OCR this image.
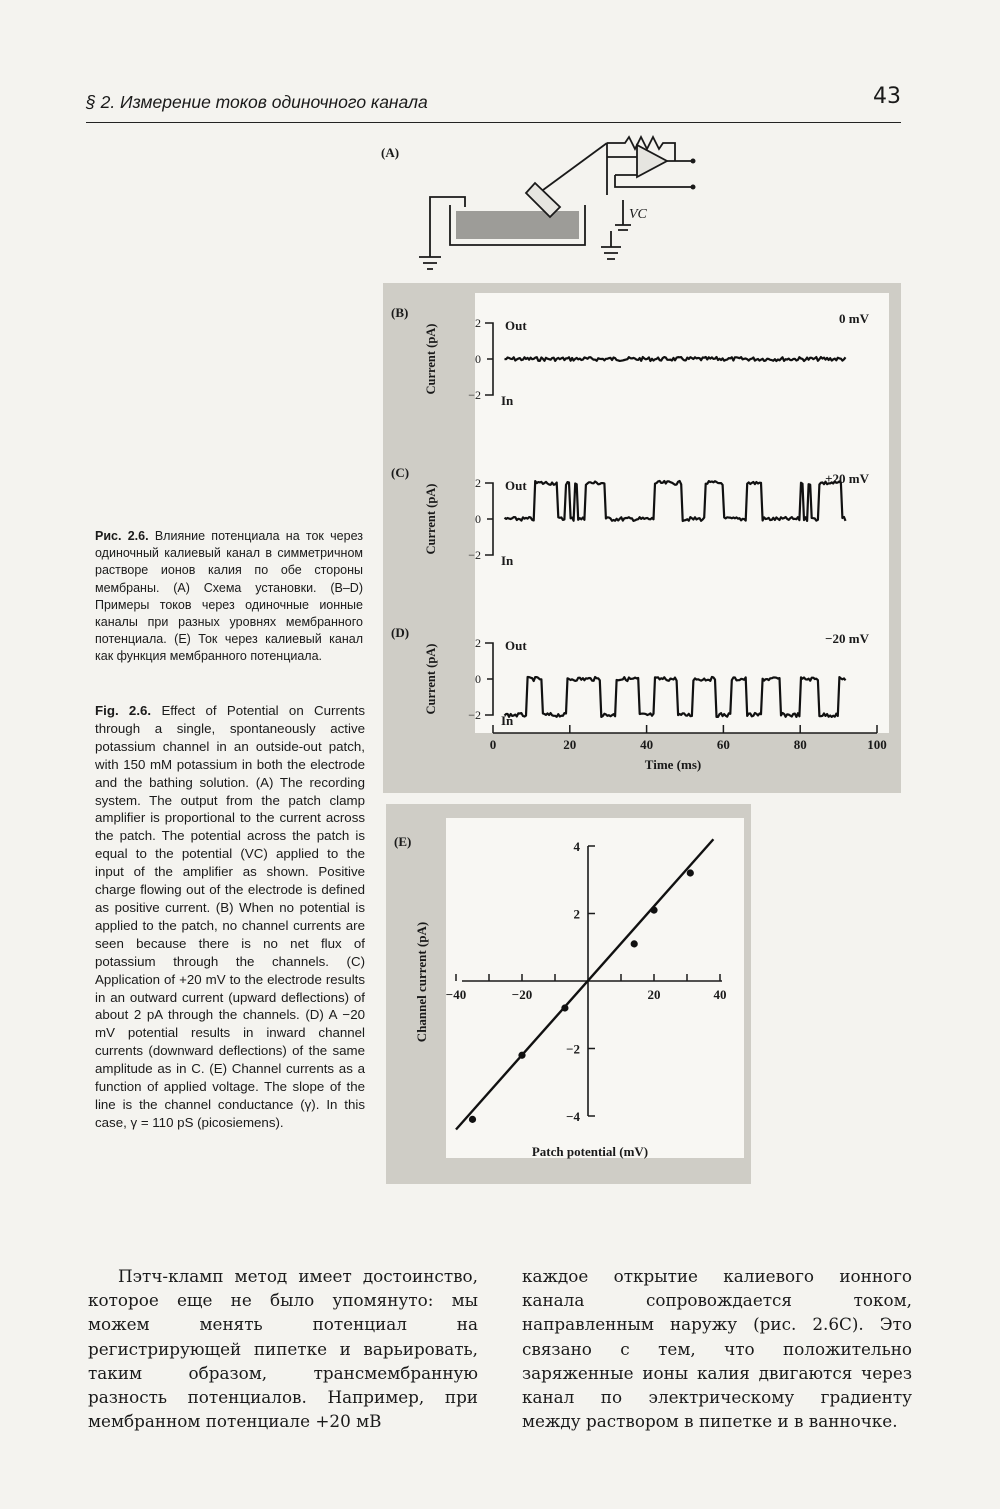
§ 2. Измерение токов одиночного канала	43
(A)
VC
(B)
Current (pA)
2
0
−2
Out
In
0 mV
(C)
Current (pA)
2
0
−2
Out
In
+20 mV
(D)
Current (pA)
2
0
−2
Out
In
−20 mV
0	20	40	60	80	100
Time (ms)
(E)
−40	−20	20	40
4
2
−2
−4
Patch potential (mV)
Channel current (pA)
Рис. 2.6. Влияние потенциала на ток через одиночный калиевый канал в симметричном растворе ионов калия по обе стороны мембраны. (А) Схема установки. (В–D) Примеры токов через одиночные ионные каналы при разных уровнях мембранного потенциала. (Е) Ток через калиевый канал как функция мембранного потенциала.
Fig. 2.6. Effect of Potential on Currents through a single, spontaneously active potassium channel in an outside-out patch, with 150 mM potassium in both the electrode and the bathing solution. (A) The recording system. The output from the patch clamp amplifier is proportional to the current across the patch. The potential across the patch is equal to the potential (VC) applied to the input of the amplifier as shown. Positive charge flowing out of the electrode is defined as positive current. (B) When no potential is applied to the patch, no channel currents are seen because there is no net flux of potassium through the channels. (C) Application of +20 mV to the electrode results in an outward current (upward deflections) of about 2 pA through the channels. (D) A −20 mV potential results in inward channel currents (downward deflections) of the same amplitude as in C. (E) Channel currents as a function of applied voltage. The slope of the line is the channel conductance (γ). In this case, γ = 110 pS (picosiemens).
Пэтч-кламп метод имеет достоинство, которое еще не было упомянуто: мы можем менять потенциал на регистрирующей пипетке и варьировать, таким образом, трансмембранную разность потенциалов. Например, при мембранном потенциале +20 мВ
каждое открытие калиевого ионного канала сопровождается током, направленным наружу (рис. 2.6C). Это связано с тем, что положительно заряженные ионы калия двигаются через канал по электрическому градиенту между раствором в пипетке и в ванночке.
